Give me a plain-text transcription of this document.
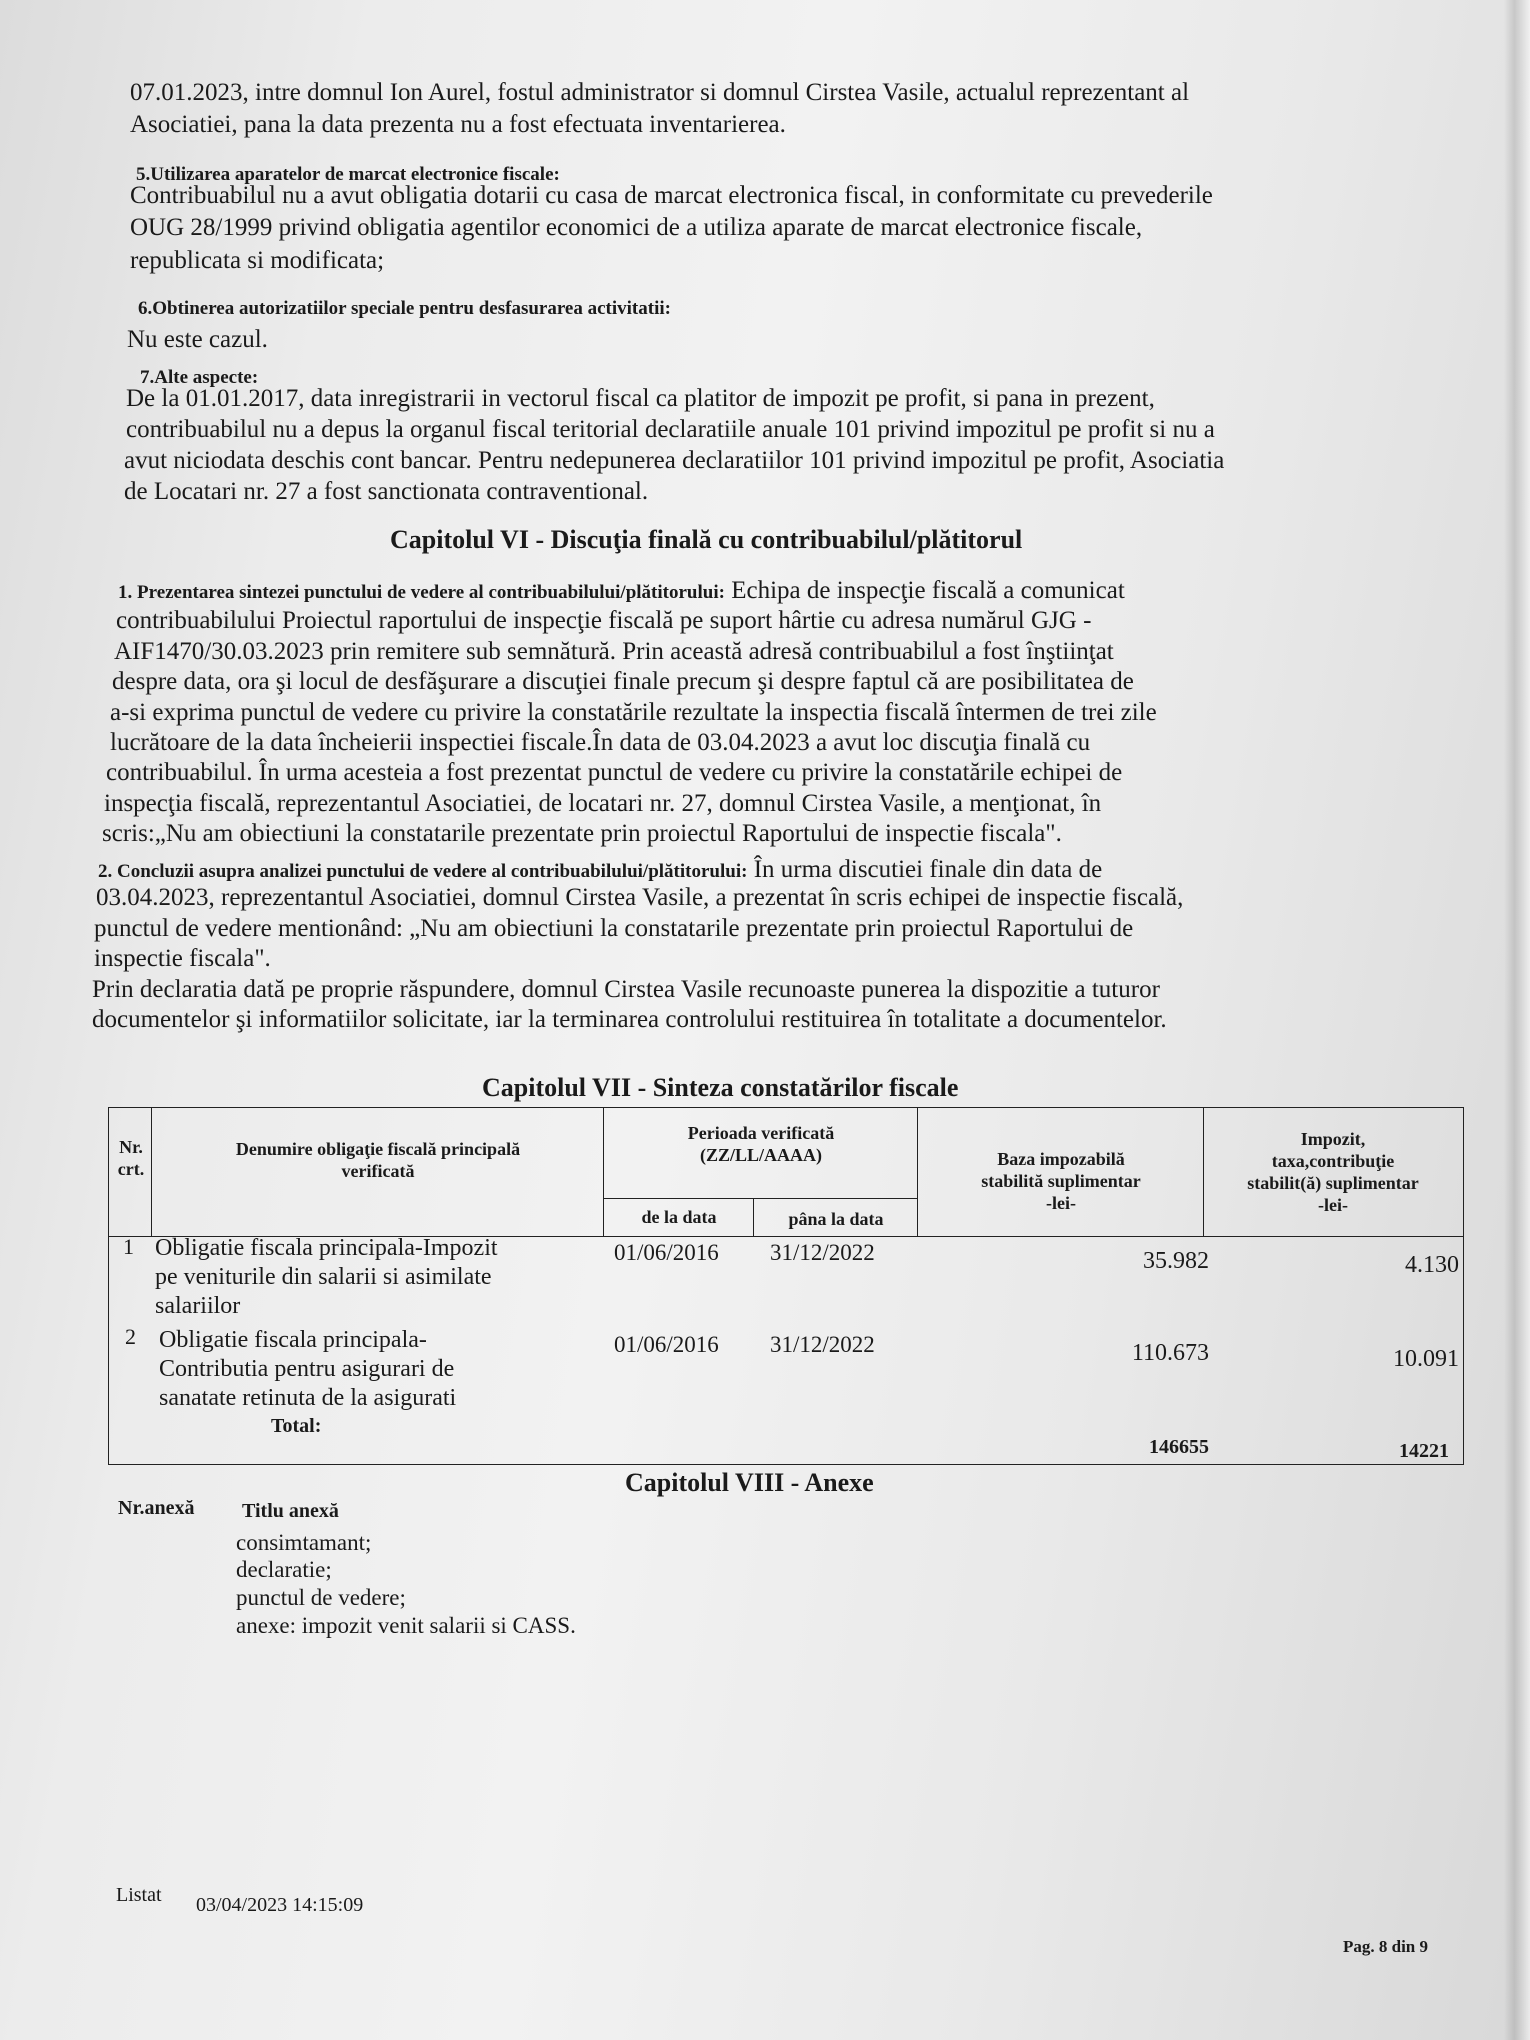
07.01.2023, intre domnul Ion Aurel, fostul administrator si domnul Cirstea Vasile, actualul reprezentant al
Asociatiei, pana la data prezenta nu a fost efectuata inventarierea.
5.Utilizarea aparatelor de marcat electronice fiscale:
Contribuabilul nu a avut obligatia dotarii cu casa de marcat electronica fiscal, in conformitate cu prevederile
OUG 28/1999 privind obligatia agentilor economici de a utiliza aparate de marcat electronice fiscale,
republicata si modificata;
6.Obtinerea autorizatiilor speciale pentru desfasurarea activitatii:
Nu este cazul.
7.Alte aspecte:
De la 01.01.2017, data inregistrarii in vectorul fiscal ca platitor de impozit pe profit, si pana in prezent,
contribuabilul nu a depus la organul fiscal teritorial declaratiile anuale 101 privind impozitul pe profit si nu a
avut niciodata deschis cont bancar. Pentru nedepunerea declaratiilor 101 privind impozitul pe profit, Asociatia
de Locatari nr. 27 a fost sanctionata contraventional.
Capitolul VI - Discuţia finală cu contribuabilul/plătitorul
1. Prezentarea sintezei punctului de vedere al contribuabilului/plătitorului: Echipa de inspecţie fiscală a comunicat
contribuabilului Proiectul raportului de inspecţie fiscală pe suport hârtie cu adresa numărul GJG -
AIF1470/30.03.2023 prin remitere sub semnătură. Prin această adresă contribuabilul a fost înştiinţat
despre data, ora şi locul de desfăşurare a discuţiei finale precum şi despre faptul că are posibilitatea de
a-si exprima punctul de vedere cu privire la constatările rezultate la inspectia fiscală întermen de trei zile
lucrătoare de la data încheierii inspectiei fiscale.În data de 03.04.2023 a avut loc discuţia finală cu
contribuabilul. În urma acesteia a fost prezentat punctul de vedere cu privire la constatările echipei de
inspecţia fiscală, reprezentantul Asociatiei, de locatari nr. 27, domnul Cirstea Vasile, a menţionat, în
scris:„Nu am obiectiuni la constatarile prezentate prin proiectul Raportului de inspectie fiscala".
2. Concluzii asupra analizei punctului de vedere al contribuabilului/plătitorului: În urma discutiei finale din data de
03.04.2023, reprezentantul Asociatiei, domnul Cirstea Vasile, a prezentat în scris echipei de inspectie fiscală,
punctul de vedere mentionând: „Nu am obiectiuni la constatarile prezentate prin proiectul Raportului de
inspectie fiscala".
Prin declaratia dată pe proprie răspundere, domnul Cirstea Vasile recunoaste punerea la dispozitie a tuturor
documentelor şi informatiilor solicitate, iar la terminarea controlului restituirea în totalitate a documentelor.
Capitolul VII - Sinteza constatărilor fiscale
Nr.
crt.
Denumire obligaţie fiscală principală
verificată
Perioada verificată
(ZZ/LL/AAAA)
de la data	pâna la data
Baza impozabilă
stabilită suplimentar
-lei-
Impozit,
taxa,contribuţie
stabilit(ă) suplimentar
-lei-
1 Obligatie fiscala principala-Impozit
pe veniturile din salarii si asimilate
salariilor
01/06/2016 31/12/2022	35.982	4.130
2 Obligatie fiscala principala-
Contributia pentru asigurari de
sanatate retinuta de la asigurati
01/06/2016 31/12/2022	110.673	10.091
Total:
146655	14221
Capitolul VIII - Anexe
Nr.anexă Titlu anexă
consimtamant;
declaratie;
punctul de vedere;
anexe: impozit venit salarii si CASS.
Listat 03/04/2023 14:15:09
Pag. 8 din 9
